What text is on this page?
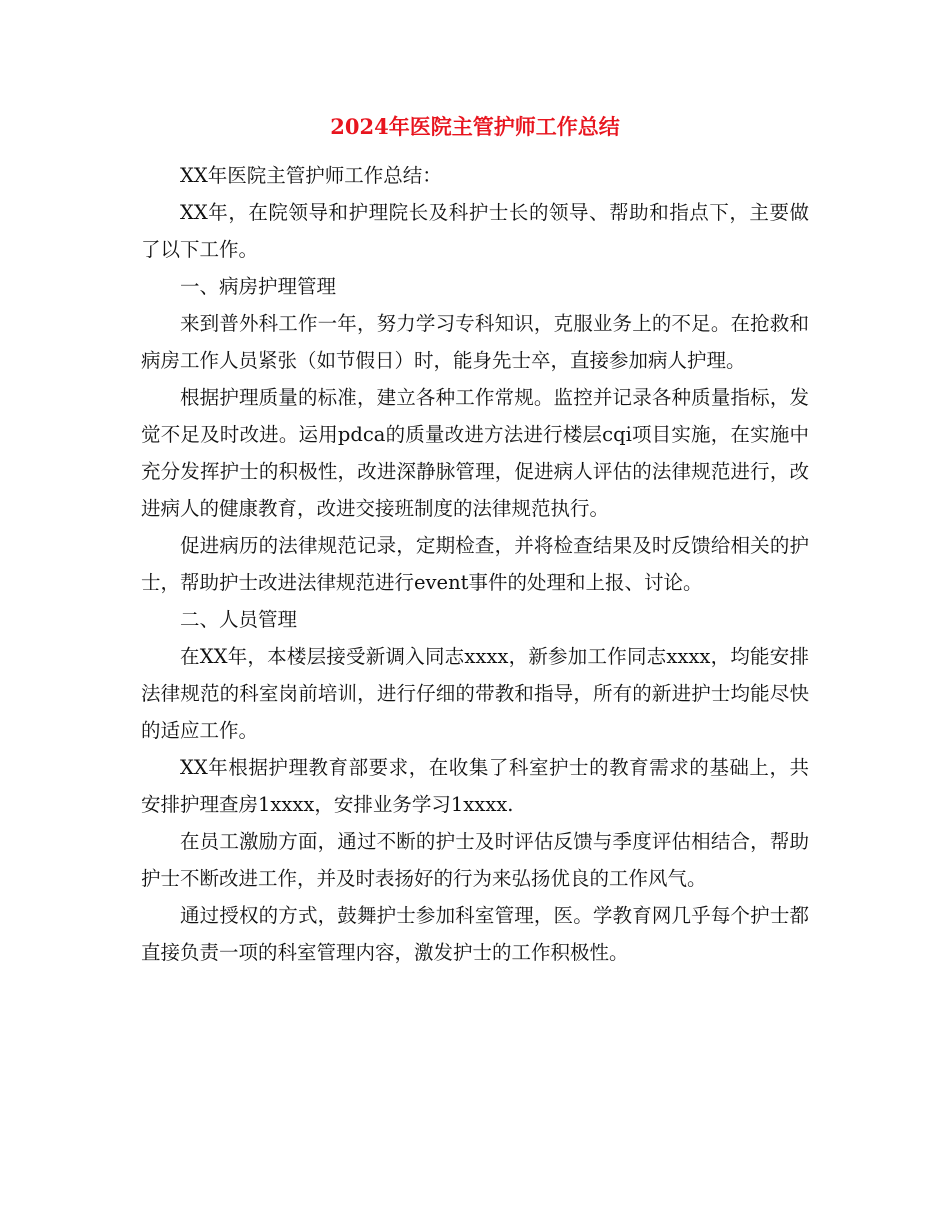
2024年医院主管护师工作总结

XX年医院主管护师工作总结：

XX年，在院领导和护理院长及科护士长的领导、帮助和指点下，主要做了以下工作。

一、病房护理管理

来到普外科工作一年，努力学习专科知识，克服业务上的不足。在抢救和病房工作人员紧张（如节假日）时，能身先士卒，直接参加病人护理。

根据护理质量的标准，建立各种工作常规。监控并记录各种质量指标，发觉不足及时改进。运用pdca的质量改进方法进行楼层cqi项目实施，在实施中充分发挥护士的积极性，改进深静脉管理，促进病人评估的法律规范进行，改进病人的健康教育，改进交接班制度的法律规范执行。

促进病历的法律规范记录，定期检查，并将检查结果及时反馈给相关的护士，帮助护士改进法律规范进行event事件的处理和上报、讨论。

二、人员管理

在XX年，本楼层接受新调入同志xxxx，新参加工作同志xxxx，均能安排法律规范的科室岗前培训，进行仔细的带教和指导，所有的新进护士均能尽快的适应工作。

XX年根据护理教育部要求，在收集了科室护士的教育需求的基础上，共安排护理查房1xxxx，安排业务学习1xxxx.

在员工激励方面，通过不断的护士及时评估反馈与季度评估相结合，帮助护士不断改进工作，并及时表扬好的行为来弘扬优良的工作风气。

通过授权的方式，鼓舞护士参加科室管理，医。学教育网几乎每个护士都直接负责一项的科室管理内容，激发护士的工作积极性。
